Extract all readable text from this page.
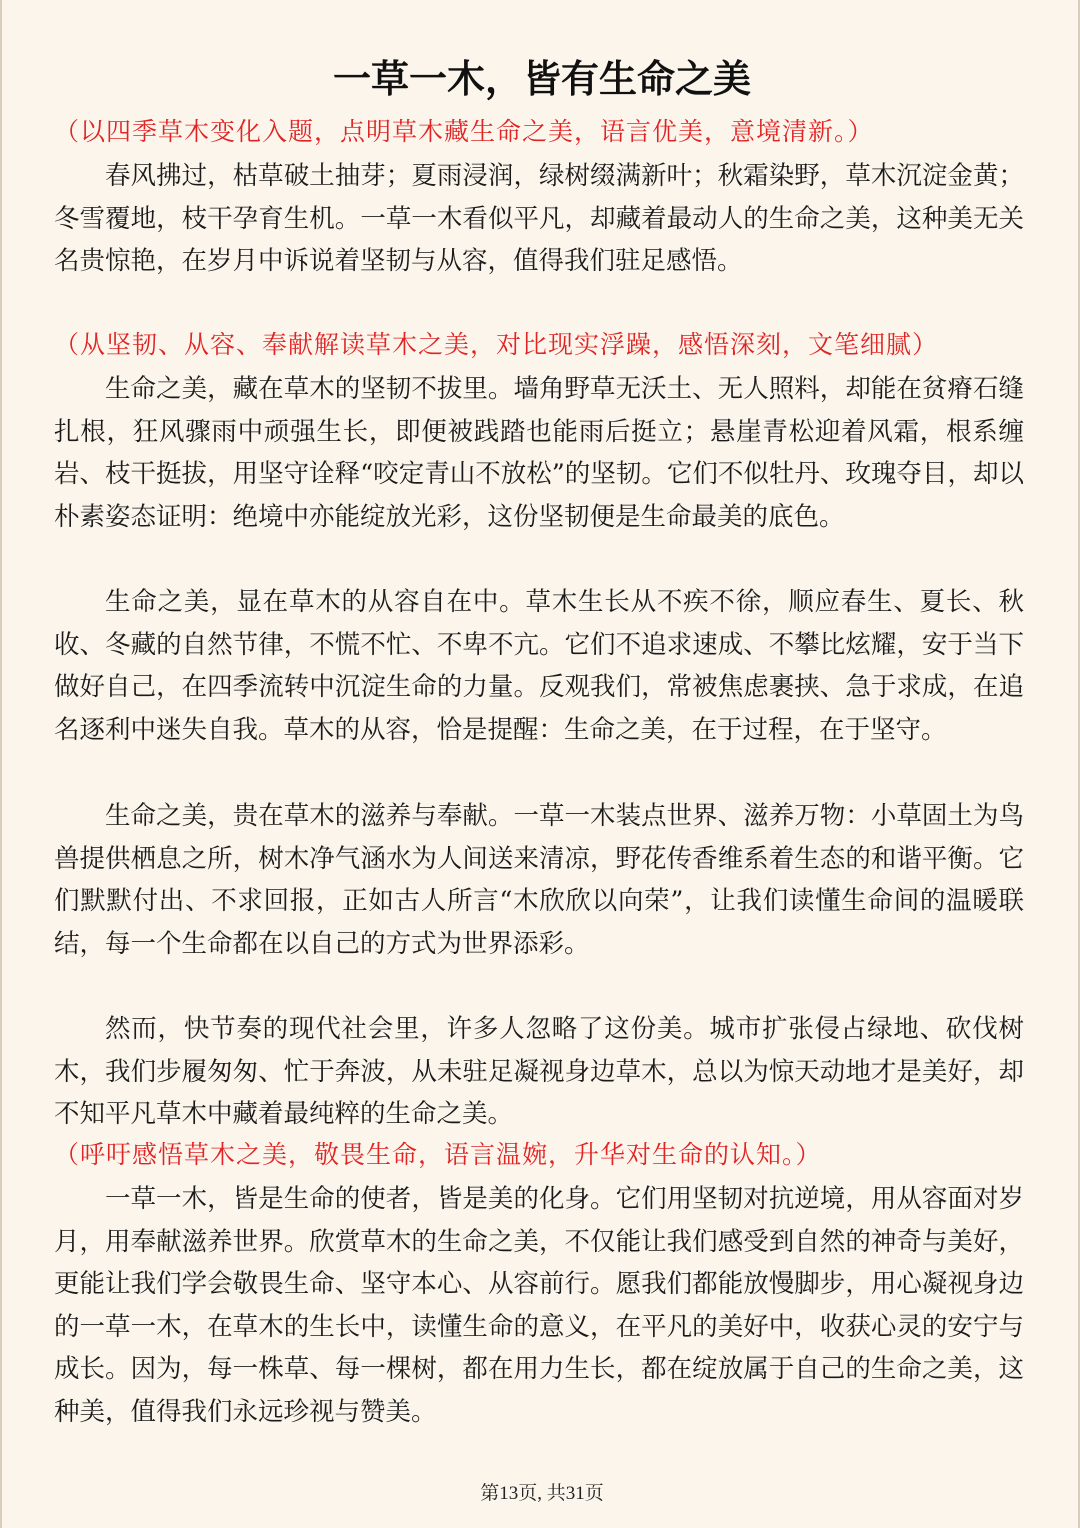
一草一木，皆有生命之美

（以四季草木变化入题，点明草木藏生命之美，语言优美，意境清新。）

春风拂过，枯草破土抽芽；夏雨浸润，绿树缀满新叶；秋霜染野，草木沉淀金黄；冬雪覆地，枝干孕育生机。一草一木看似平凡，却藏着最动人的生命之美，这种美无关名贵惊艳，在岁月中诉说着坚韧与从容，值得我们驻足感悟。

（从坚韧、从容、奉献解读草木之美，对比现实浮躁，感悟深刻，文笔细腻）

生命之美，藏在草木的坚韧不拔里。墙角野草无沃土、无人照料，却能在贫瘠石缝扎根，狂风骤雨中顽强生长，即便被践踏也能雨后挺立；悬崖青松迎着风霜，根系缠岩、枝干挺拔，用坚守诠释“咬定青山不放松”的坚韧。它们不似牡丹、玫瑰夺目，却以朴素姿态证明：绝境中亦能绽放光彩，这份坚韧便是生命最美的底色。

生命之美，显在草木的从容自在中。草木生长从不疾不徐，顺应春生、夏长、秋收、冬藏的自然节律，不慌不忙、不卑不亢。它们不追求速成、不攀比炫耀，安于当下做好自己，在四季流转中沉淀生命的力量。反观我们，常被焦虑裹挟、急于求成，在追名逐利中迷失自我。草木的从容，恰是提醒：生命之美，在于过程，在于坚守。

生命之美，贵在草木的滋养与奉献。一草一木装点世界、滋养万物：小草固土为鸟兽提供栖息之所，树木净气涵水为人间送来清凉，野花传香维系着生态的和谐平衡。它们默默付出、不求回报，正如古人所言“木欣欣以向荣”，让我们读懂生命间的温暖联结，每一个生命都在以自己的方式为世界添彩。

然而，快节奏的现代社会里，许多人忽略了这份美。城市扩张侵占绿地、砍伐树木，我们步履匆匆、忙于奔波，从未驻足凝视身边草木，总以为惊天动地才是美好，却不知平凡草木中藏着最纯粹的生命之美。

（呼吁感悟草木之美，敬畏生命，语言温婉，升华对生命的认知。）

一草一木，皆是生命的使者，皆是美的化身。它们用坚韧对抗逆境，用从容面对岁月，用奉献滋养世界。欣赏草木的生命之美，不仅能让我们感受到自然的神奇与美好，更能让我们学会敬畏生命、坚守本心、从容前行。愿我们都能放慢脚步，用心凝视身边的一草一木，在草木的生长中，读懂生命的意义，在平凡的美好中，收获心灵的安宁与成长。因为，每一株草、每一棵树，都在用力生长，都在绽放属于自己的生命之美，这种美，值得我们永远珍视与赞美。

第13页, 共31页
